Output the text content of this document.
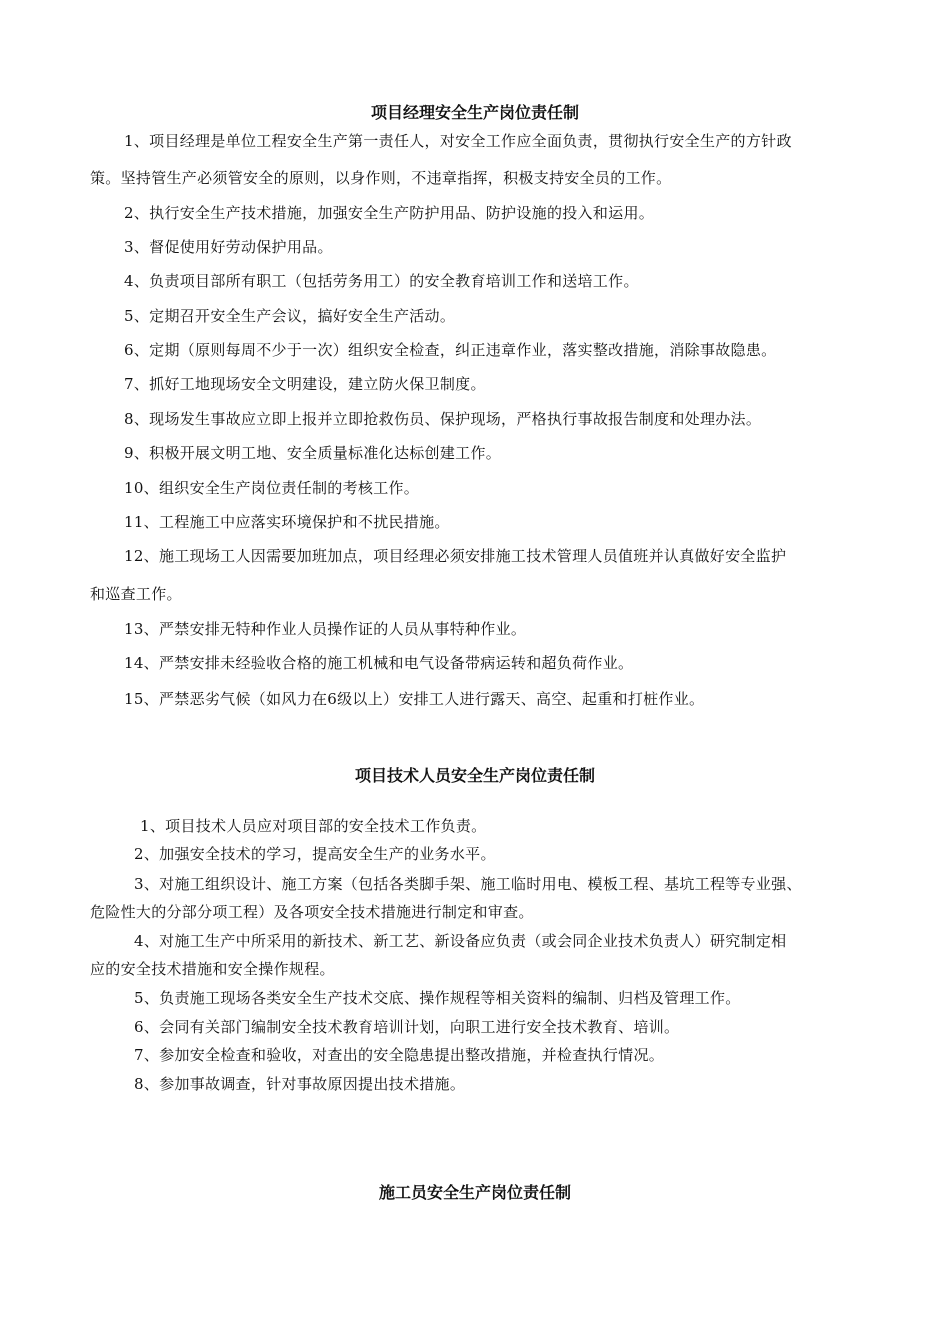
项目经理安全生产岗位责任制
1、项目经理是单位工程安全生产第一责任人，对安全工作应全面负责，贯彻执行安全生产的方针政
策。坚持管生产必须管安全的原则，以身作则，不违章指挥，积极支持安全员的工作。
2、执行安全生产技术措施，加强安全生产防护用品、防护设施的投入和运用。
3、督促使用好劳动保护用品。
4、负责项目部所有职工（包括劳务用工）的安全教育培训工作和送培工作。
5、定期召开安全生产会议，搞好安全生产活动。
6、定期（原则每周不少于一次）组织安全检查，纠正违章作业，落实整改措施，消除事故隐患。
7、抓好工地现场安全文明建设，建立防火保卫制度。
8、现场发生事故应立即上报并立即抢救伤员、保护现场，严格执行事故报告制度和处理办法。
9、积极开展文明工地、安全质量标准化达标创建工作。
10、组织安全生产岗位责任制的考核工作。
11、工程施工中应落实环境保护和不扰民措施。
12、施工现场工人因需要加班加点，项目经理必须安排施工技术管理人员值班并认真做好安全监护
和巡查工作。
13、严禁安排无特种作业人员操作证的人员从事特种作业。
14、严禁安排未经验收合格的施工机械和电气设备带病运转和超负荷作业。
15、严禁恶劣气候（如风力在6级以上）安排工人进行露天、高空、起重和打桩作业。
项目技术人员安全生产岗位责任制
1、项目技术人员应对项目部的安全技术工作负责。
2、加强安全技术的学习，提高安全生产的业务水平。
3、对施工组织设计、施工方案（包括各类脚手架、施工临时用电、模板工程、基坑工程等专业强、
危险性大的分部分项工程）及各项安全技术措施进行制定和审查。
4、对施工生产中所采用的新技术、新工艺、新设备应负责（或会同企业技术负责人）研究制定相
应的安全技术措施和安全操作规程。
5、负责施工现场各类安全生产技术交底、操作规程等相关资料的编制、归档及管理工作。
6、会同有关部门编制安全技术教育培训计划，向职工进行安全技术教育、培训。
7、参加安全检查和验收，对查出的安全隐患提出整改措施，并检查执行情况。
8、参加事故调查，针对事故原因提出技术措施。
施工员安全生产岗位责任制
